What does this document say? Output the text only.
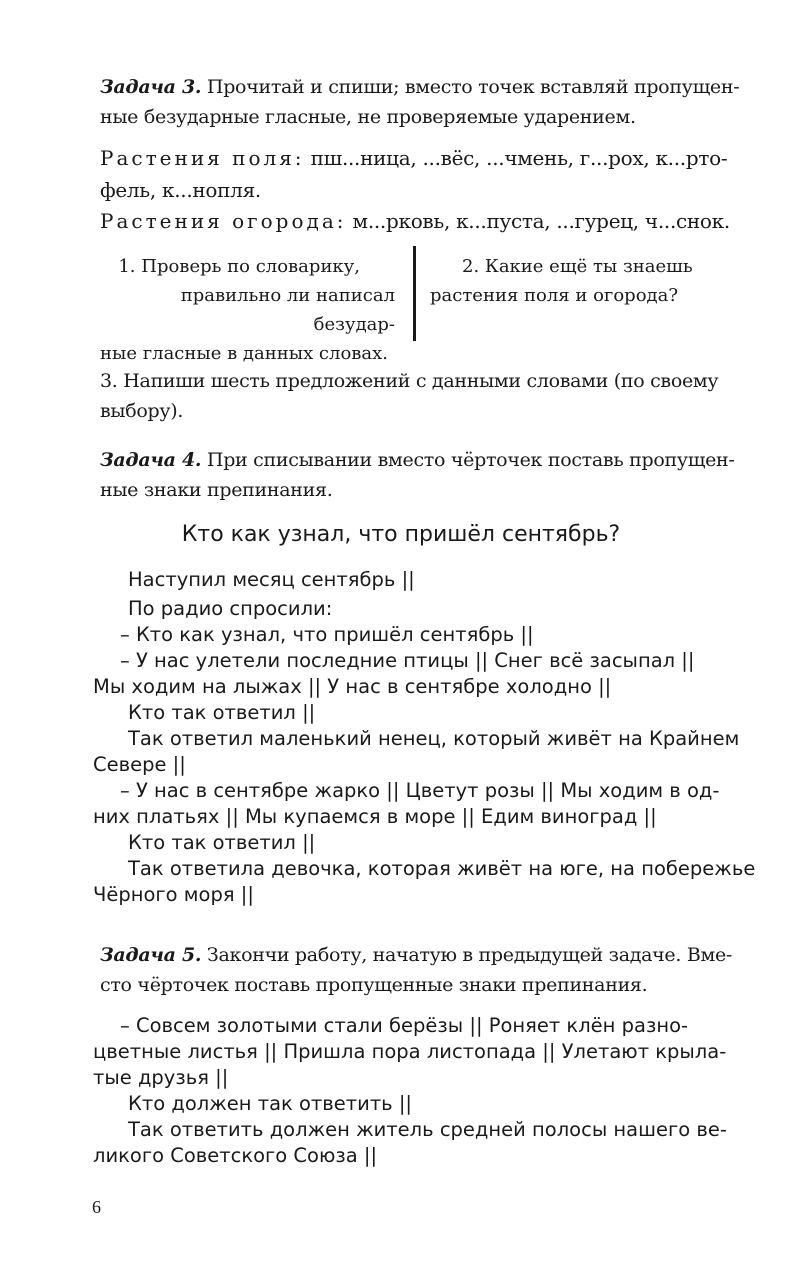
Задача 3. Прочитай и спиши; вместо точек вставляй пропущен-
ные безударные гласные, не проверяемые ударением.

Растения поля: пш...ница, ...вёс, ...чмень, г...рох, к...рто-
фель, к...нопля.

Растения огорода: м...рковь, к...пуста, ...гурец, ч...снок.

1. Проверь по словарику,

правильно ли написал безудар-

ные гласные в данных словах.

2. Какие ещё ты знаешь

растения поля и огорода?

3. Напиши шесть предложений с данными словами (по своему
выбору).

Задача 4. При списывании вместо чёрточек поставь пропущен-
ные знаки препинания.

Кто как узнал, что пришёл сентябрь?
Наступил месяц сентябрь ||
По радио спросили:
– Кто как узнал, что пришёл сентябрь ||
– У нас улетели последние птицы || Снег всё засыпал ||
Мы ходим на лыжах || У нас в сентябре холодно ||
Кто так ответил ||
Так ответил маленький ненец, который живёт на Крайнем
Севере ||
– У нас в сентябре жарко || Цветут розы || Мы ходим в од-
них платьях || Мы купаемся в море || Едим виноград ||
Кто так ответил ||
Так ответила девочка, которая живёт на юге, на побережье
Чёрного моря ||

Задача 5. Закончи работу, начатую в предыдущей задаче. Вме-
сто чёрточек поставь пропущенные знаки препинания.

– Совсем золотыми стали берёзы || Роняет клён разно-
цветные листья || Пришла пора листопада || Улетают крыла-
тые друзья ||
Кто должен так ответить ||
Так ответить должен житель средней полосы нашего ве-
ликого Советского Союза ||
6
